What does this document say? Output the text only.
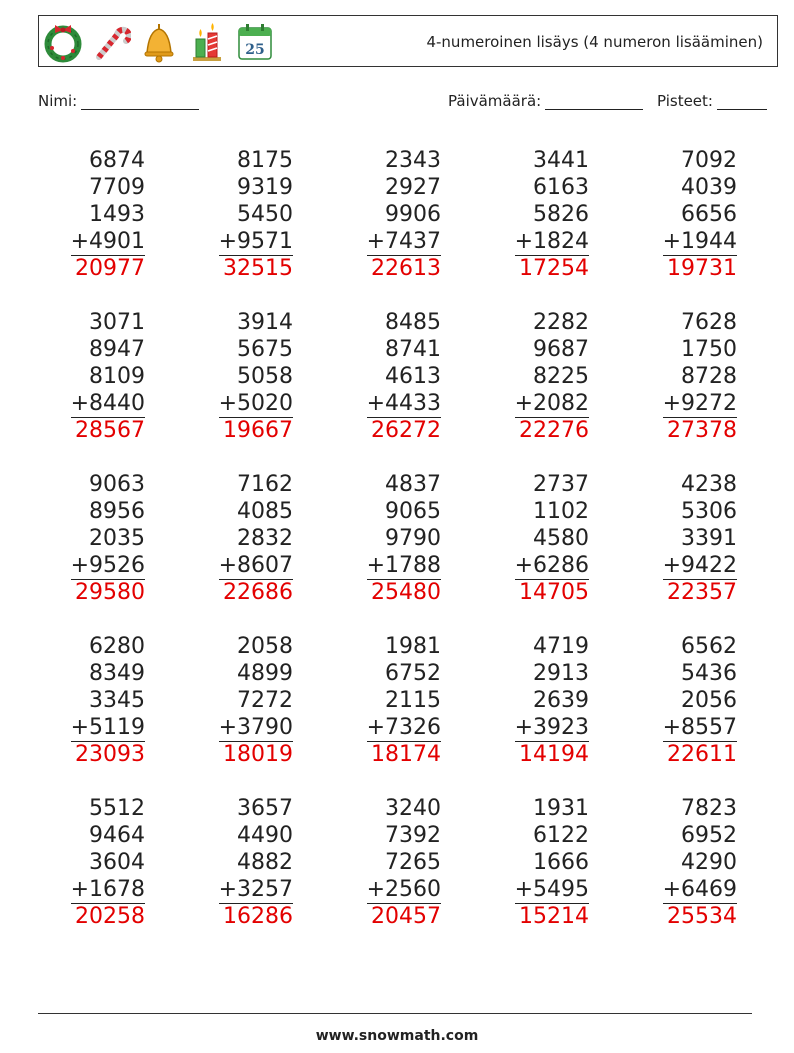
25	4-numeroinen lisäys (4 numeron lisääminen)
Nimi:	Päivämäärä:	Pisteet:
6874
7709
1493
+4901
20977
8175
9319
5450
+9571
32515
2343
2927
9906
+7437
22613
3441
6163
5826
+1824
17254
7092
4039
6656
+1944
19731
3071
8947
8109
+8440
28567
3914
5675
5058
+5020
19667
8485
8741
4613
+4433
26272
2282
9687
8225
+2082
22276
7628
1750
8728
+9272
27378
9063
8956
2035
+9526
29580
7162
4085
2832
+8607
22686
4837
9065
9790
+1788
25480
2737
1102
4580
+6286
14705
4238
5306
3391
+9422
22357
6280
8349
3345
+5119
23093
2058
4899
7272
+3790
18019
1981
6752
2115
+7326
18174
4719
2913
2639
+3923
14194
6562
5436
2056
+8557
22611
5512
9464
3604
+1678
20258
3657
4490
4882
+3257
16286
3240
7392
7265
+2560
20457
1931
6122
1666
+5495
15214
7823
6952
4290
+6469
25534
www.snowmath.com
